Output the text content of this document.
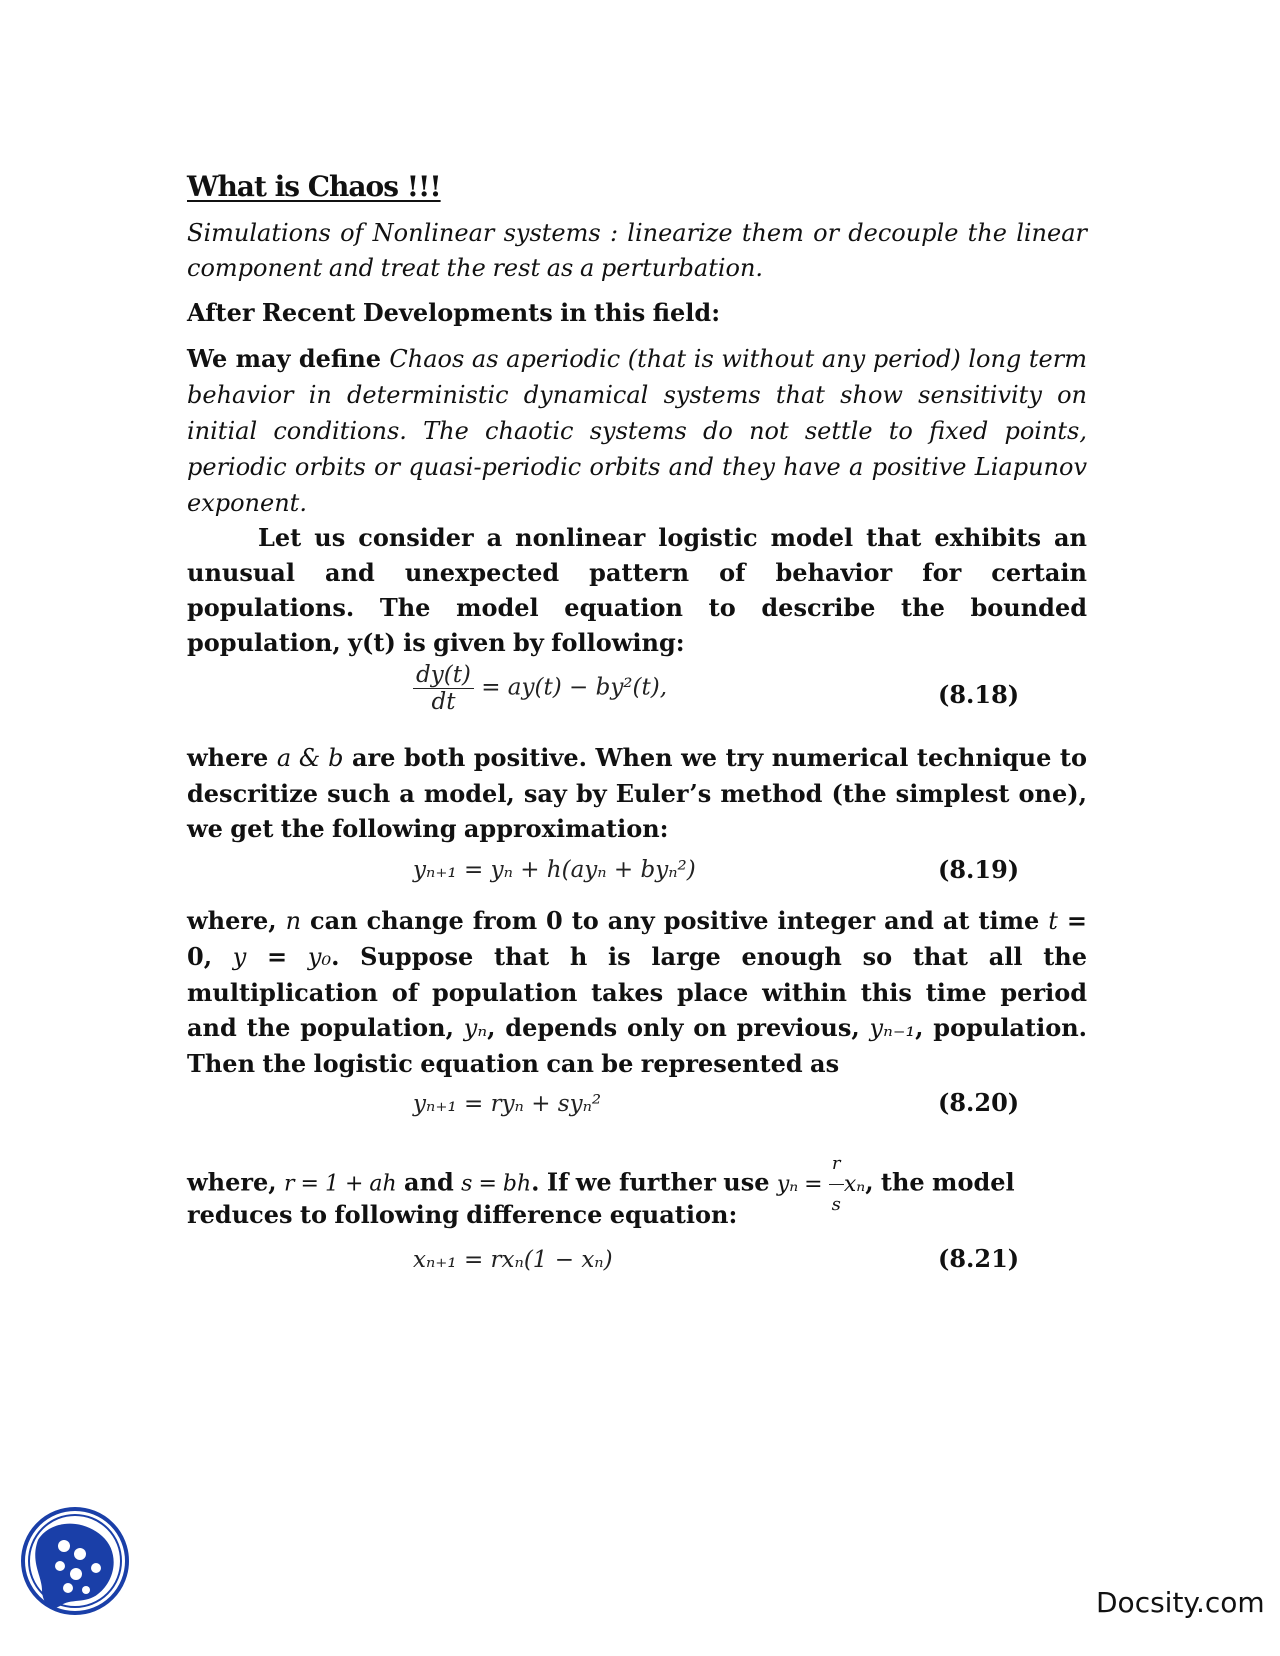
What is Chaos !!!

Simulations of Nonlinear systems : linearize them or decouple the linear component and treat the rest as a perturbation.

After Recent Developments in this field:

We may define Chaos as aperiodic (that is without any period) long term behavior in deterministic dynamical systems that show sensitivity on initial conditions. The chaotic systems do not settle to fixed points, periodic orbits or quasi-periodic orbits and they have a positive Liapunov exponent.

Let us consider a nonlinear logistic model that exhibits an unusual and unexpected pattern of behavior for certain populations. The model equation to describe the bounded population, y(t) is given by following:

$\frac{dy(t)}{dt} = ay(t) - by^2(t)$,	(8.18)

where a & b are both positive. When we try numerical technique to descritize such a model, say by Euler’s method (the simplest one), we get the following approximation:

yₙ₊₁ = yₙ + h(ayₙ + byₙ²)	(8.19)

where, n can change from 0 to any positive integer and at time t = 0, y = y₀. Suppose that h is large enough so that all the multiplication of population takes place within this time period and the population, yₙ, depends only on previous, yₙ₋₁, population. Then the logistic equation can be represented as

yₙ₊₁ = ryₙ + syₙ²	(8.20)

where, r = 1 + ah and s = bh. If we further use $y_n = \frac{r}{s} x_n$, the model

reduces to following difference equation:

xₙ₊₁ = rxₙ(1 − xₙ)	(8.21)
Docsity.com
